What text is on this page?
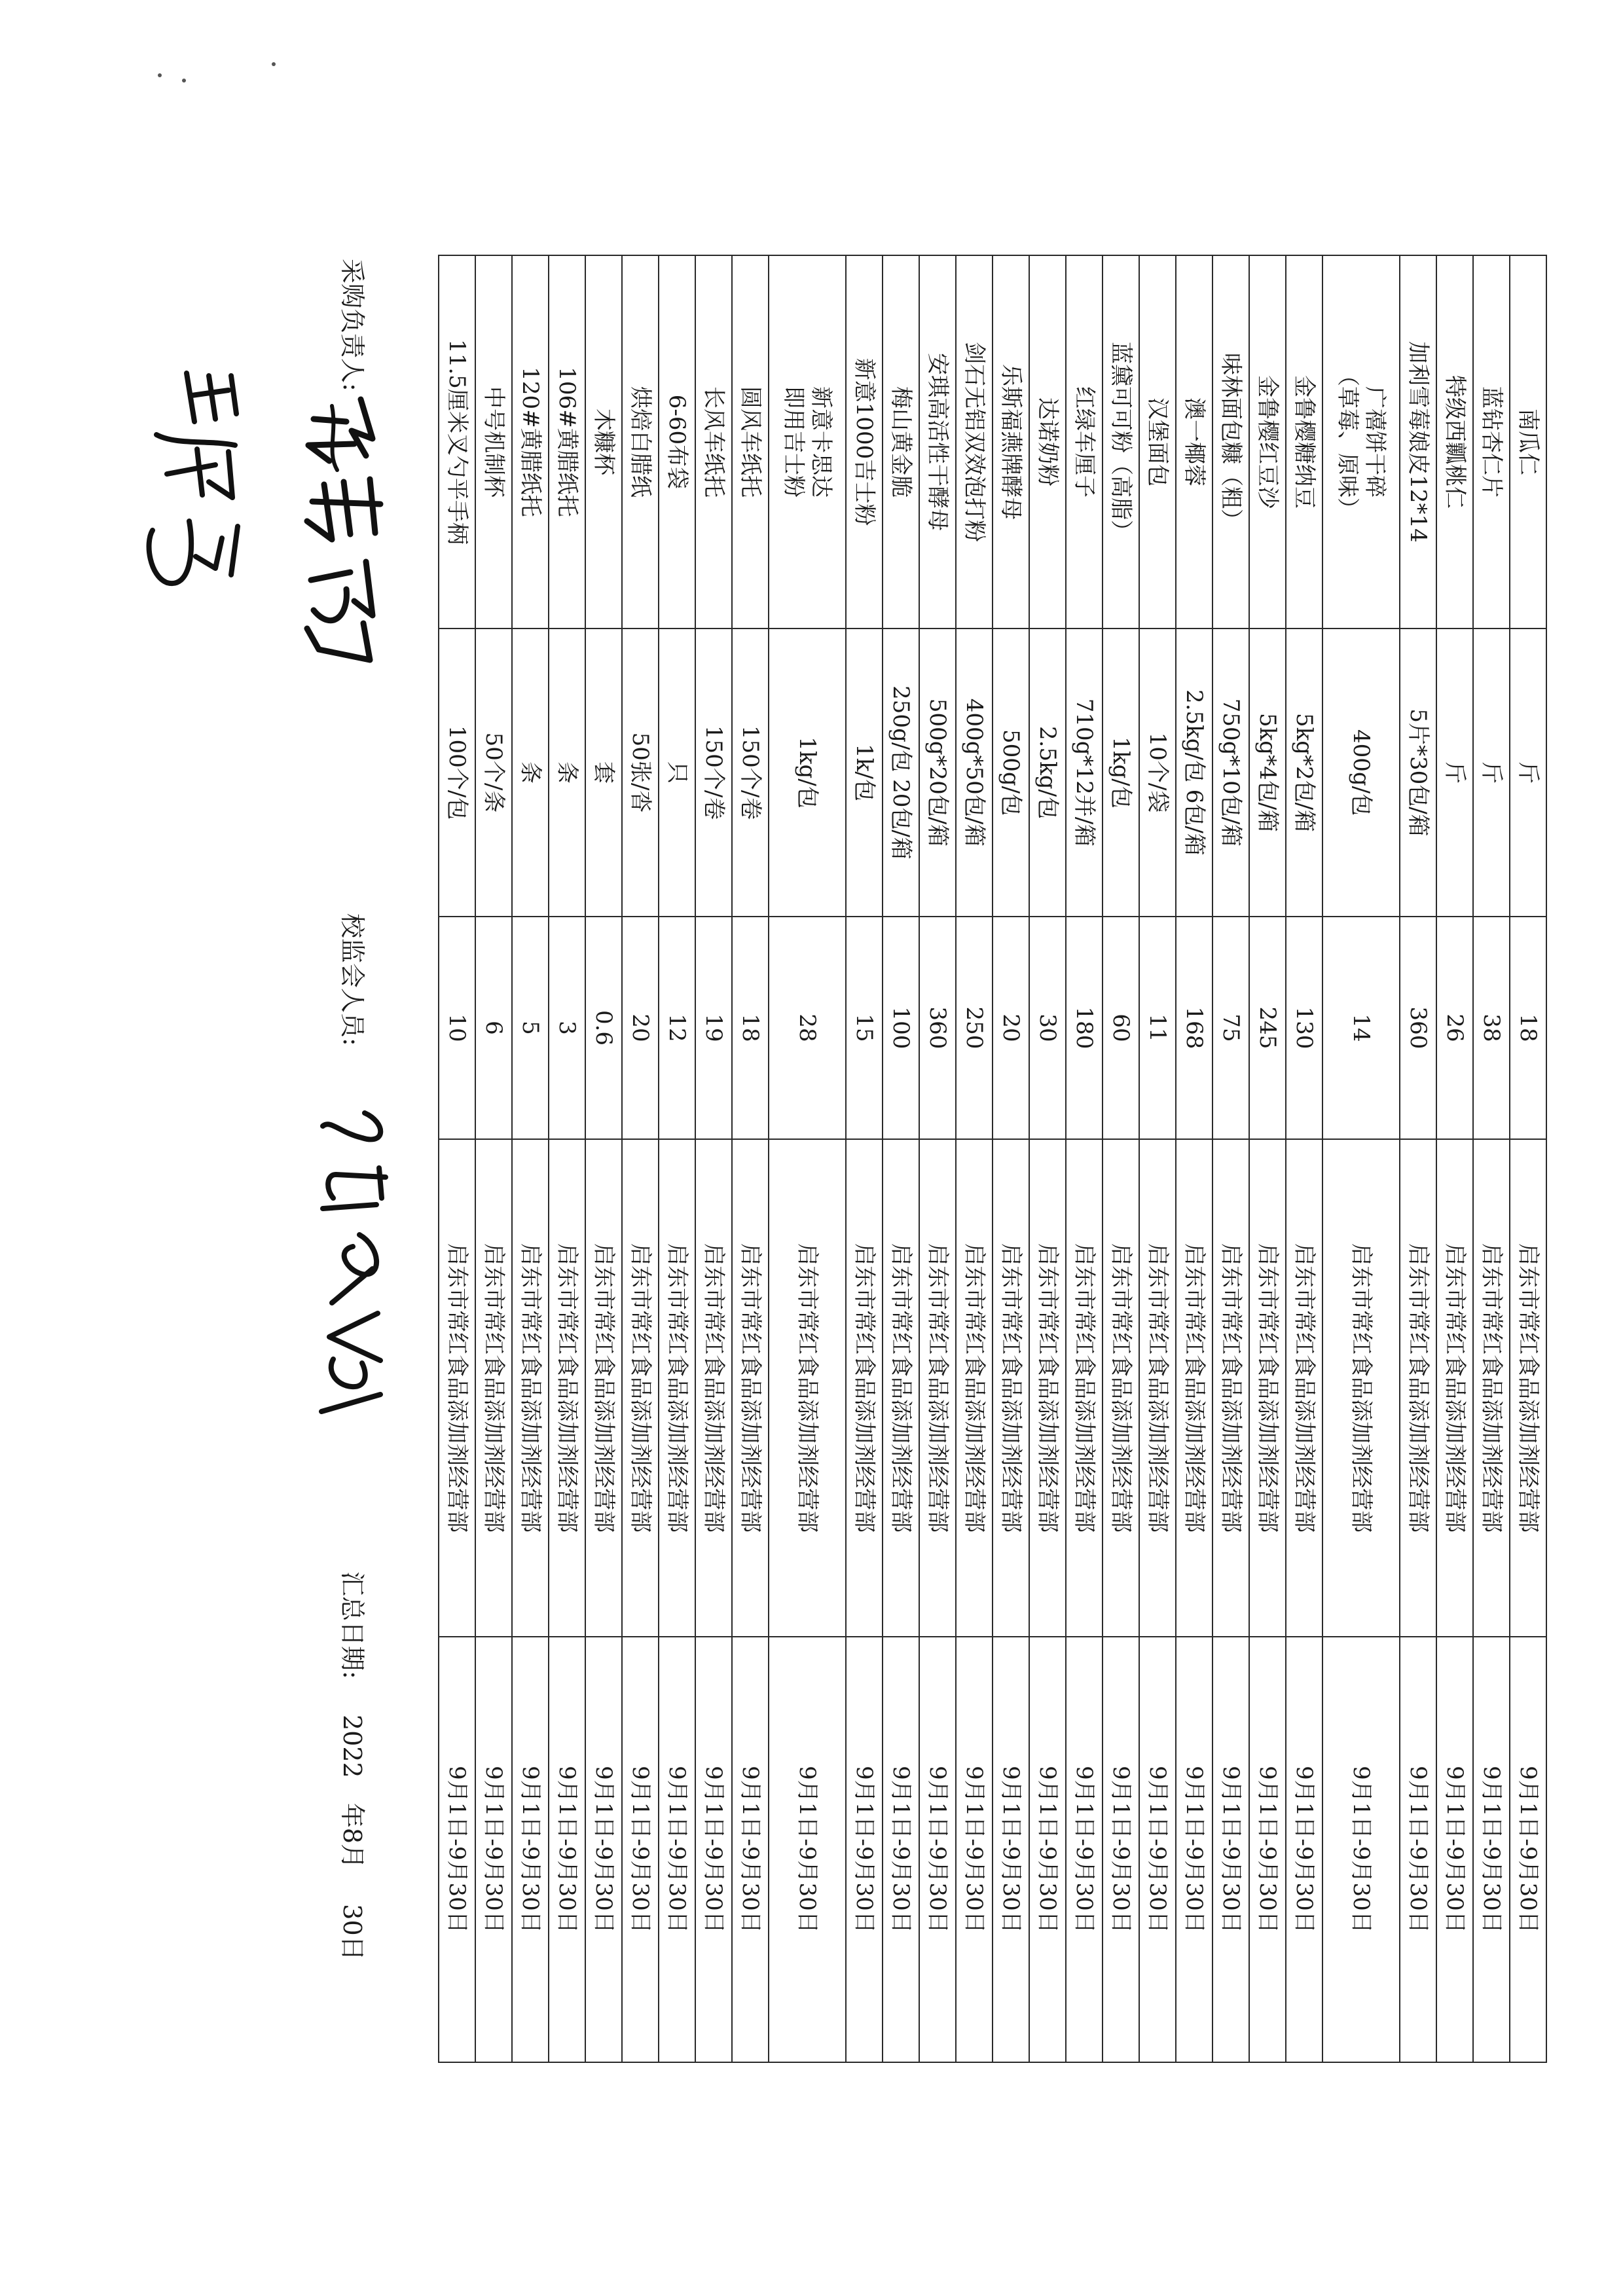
南瓜仁	斤	18	启东市常红食品添加剂经营部	9月1日-9月30日
蓝钻杏仁片	斤	38	启东市常红食品添加剂经营部	9月1日-9月30日
特级西瓤桃仁	斤	26	启东市常红食品添加剂经营部	9月1日-9月30日
加利雪莓娘皮12*14	5片*30包/箱	360	启东市常红食品添加剂经营部	9月1日-9月30日

广禧饼干碎
（草莓、原味）	400g/包	14	启东市常红食品添加剂经营部	9月1日-9月30日
金鲁樱糖纳豆	5kg*2包/箱	130	启东市常红食品添加剂经营部	9月1日-9月30日
金鲁樱红豆沙	5kg*4包/箱	245	启东市常红食品添加剂经营部	9月1日-9月30日
味林面包糠（粗）	750g*10包/箱	75	启东市常红食品添加剂经营部	9月1日-9月30日
澳一椰蓉	2.5kg/包 6包/箱	168	启东市常红食品添加剂经营部	9月1日-9月30日
汉堡面包	10个/袋	11	启东市常红食品添加剂经营部	9月1日-9月30日
蓝黛可可粉（高脂）	1kg/包	60	启东市常红食品添加剂经营部	9月1日-9月30日
红绿车厘子	710g*12并/箱	180	启东市常红食品添加剂经营部	9月1日-9月30日
达诺奶粉	2.5kg/包	30	启东市常红食品添加剂经营部	9月1日-9月30日
乐斯福燕牌酵母	500g/包	20	启东市常红食品添加剂经营部	9月1日-9月30日
剑石无铝双效泡打粉	400g*50包/箱	250	启东市常红食品添加剂经营部	9月1日-9月30日
安琪高活性干酵母	500g*20包/箱	360	启东市常红食品添加剂经营部	9月1日-9月30日
梅山黄金脆	250g/包 20包/箱	100	启东市常红食品添加剂经营部	9月1日-9月30日
新意1000吉士粉	1k/包	15	启东市常红食品添加剂经营部	9月1日-9月30日

新意卡思达
即用吉士粉	1kg/包	28	启东市常红食品添加剂经营部	9月1日-9月30日
圆风车纸托	150个/卷	18	启东市常红食品添加剂经营部	9月1日-9月30日
长风车纸托	150个/卷	19	启东市常红食品添加剂经营部	9月1日-9月30日
6-60布袋	只	12	启东市常红食品添加剂经营部	9月1日-9月30日
烘焙白腊纸	50张/沓	20	启东市常红食品添加剂经营部	9月1日-9月30日
木糠杯	套	0.6	启东市常红食品添加剂经营部	9月1日-9月30日
106#黄腊纸托	条	3	启东市常红食品添加剂经营部	9月1日-9月30日
120#黄腊纸托	条	5	启东市常红食品添加剂经营部	9月1日-9月30日
中号机制杯	50个/条	6	启东市常红食品添加剂经营部	9月1日-9月30日
11.5厘米叉勺平手柄	100个/包	10	启东市常红食品添加剂经营部	9月1日-9月30日
采购负责人:
校监会人员:
汇总日期:  2022  年8月  30日
